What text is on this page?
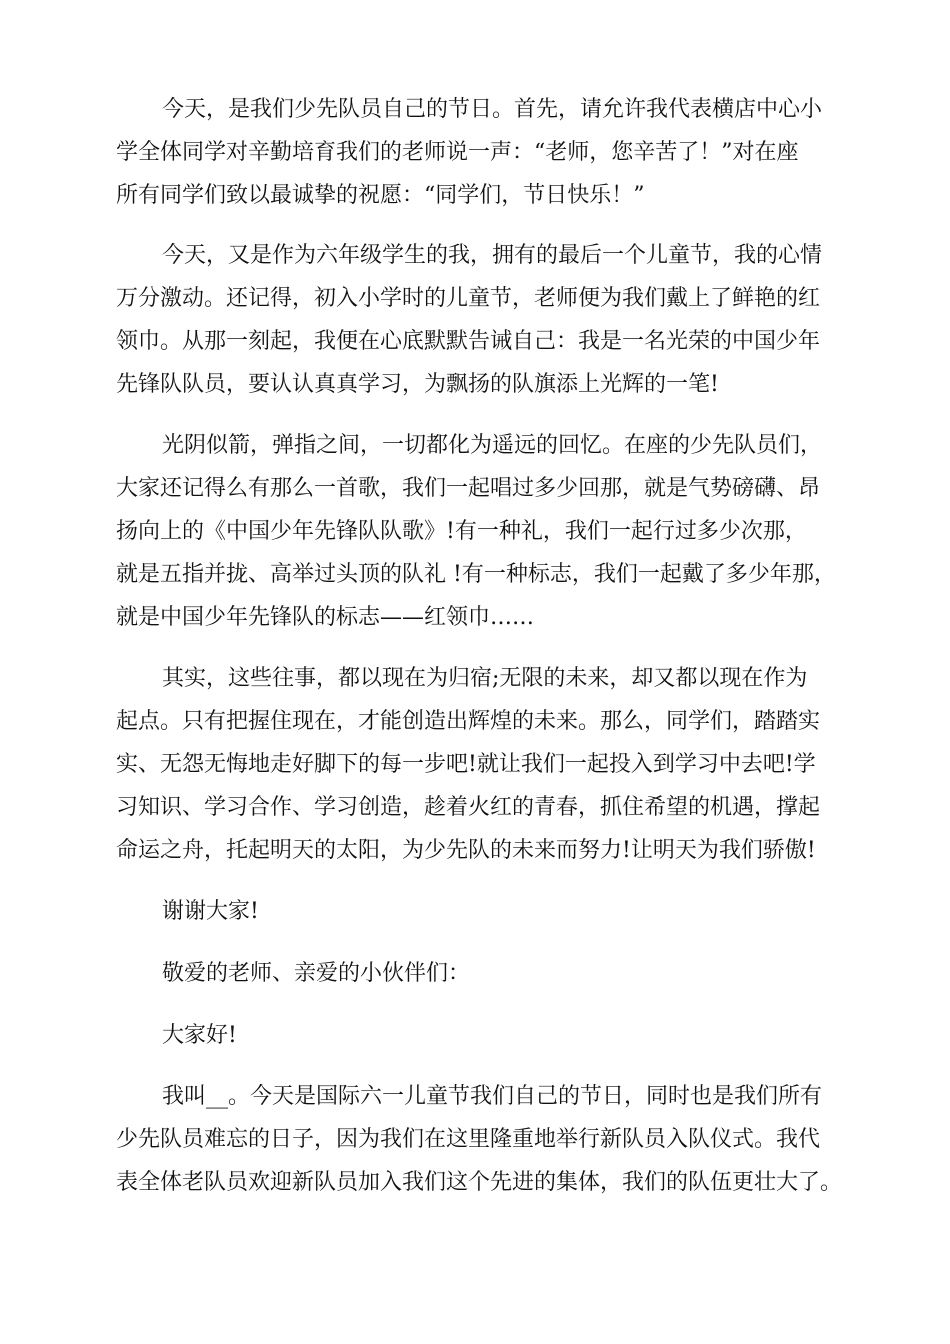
今天，是我们少先队员自己的节日。首先，请允许我代表横店中心小
学全体同学对辛勤培育我们的老师说一声：“老师，您辛苦了！”对在座
所有同学们致以最诚挚的祝愿：“同学们，节日快乐！”

今天，又是作为六年级学生的我，拥有的最后一个儿童节，我的心情
万分激动。还记得，初入小学时的儿童节，老师便为我们戴上了鲜艳的红
领巾。从那一刻起，我便在心底默默告诫自己：我是一名光荣的中国少年
先锋队队员，要认认真真学习，为飘扬的队旗添上光辉的一笔!

光阴似箭，弹指之间，一切都化为遥远的回忆。在座的少先队员们，
大家还记得么有那么一首歌，我们一起唱过多少回那，就是气势磅礴、昂
扬向上的《中国少年先锋队队歌》!有一种礼，我们一起行过多少次那，
就是五指并拢、高举过头顶的队礼 !有一种标志，我们一起戴了多少年那，
就是中国少年先锋队的标志——红领巾……

其实，这些往事，都以现在为归宿;无限的未来，却又都以现在作为
起点。只有把握住现在，才能创造出辉煌的未来。那么，同学们，踏踏实
实、无怨无悔地走好脚下的每一步吧!就让我们一起投入到学习中去吧!学
习知识、学习合作、学习创造，趁着火红的青春，抓住希望的机遇，撑起
命运之舟，托起明天的太阳，为少先队的未来而努力!让明天为我们骄傲!

谢谢大家!

敬爱的老师、亲爱的小伙伴们：

大家好!

我叫__。今天是国际六一儿童节我们自己的节日，同时也是我们所有
少先队员难忘的日子，因为我们在这里隆重地举行新队员入队仪式。我代
表全体老队员欢迎新队员加入我们这个先进的集体，我们的队伍更壮大了。
